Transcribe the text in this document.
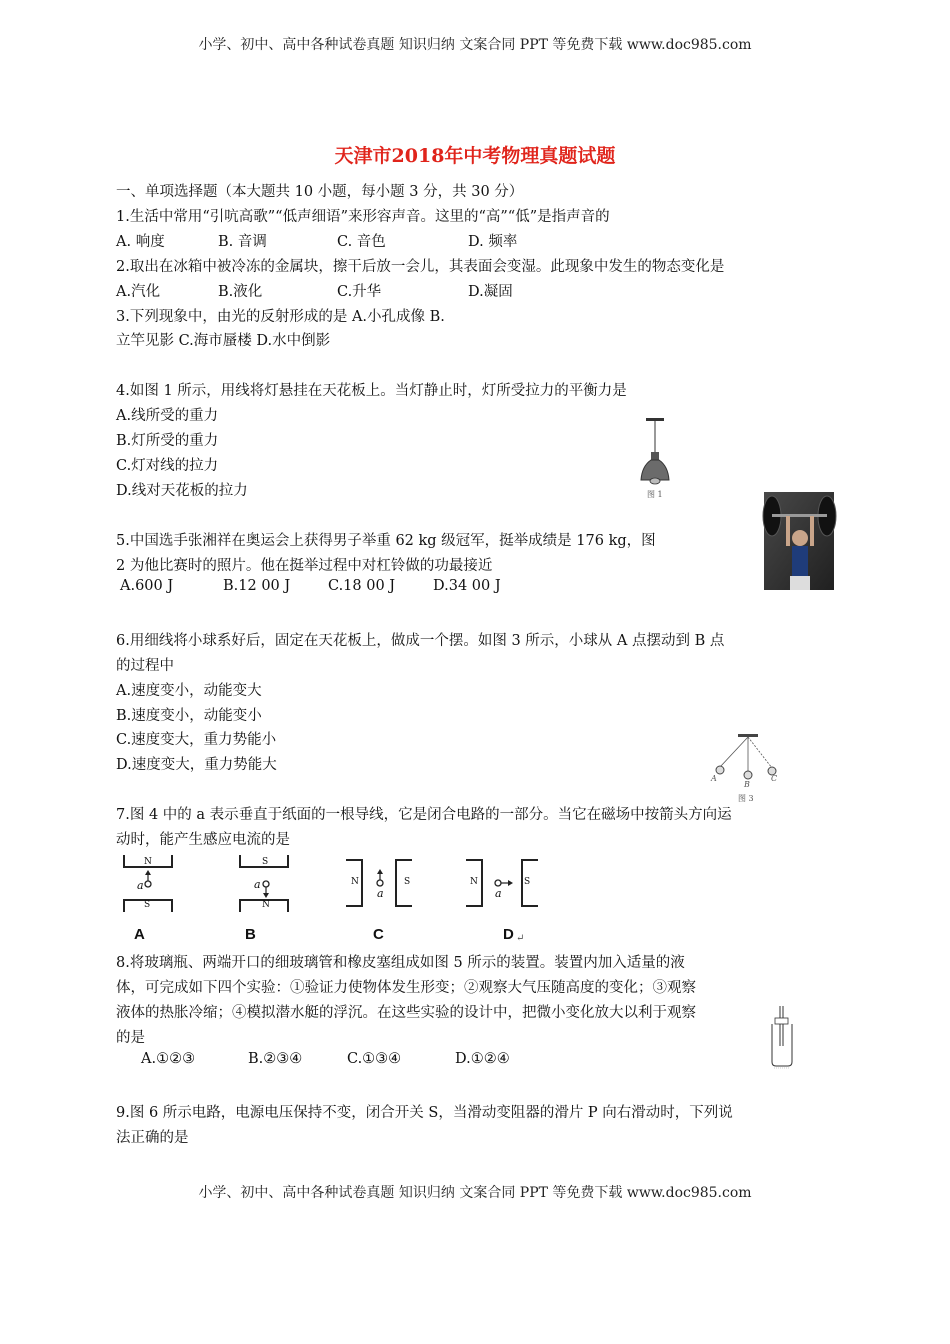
小学、初中、高中各种试卷真题 知识归纳 文案合同 PPT 等免费下载 www.doc985.com
小学、初中、高中各种试卷真题 知识归纳 文案合同 PPT 等免费下载 www.doc985.com
天津市2018年中考物理真题试题
一、单项选择题（本大题共 10 小题，每小题 3 分，共 30 分）
1.生活中常用“引吭高歌”“低声细语”来形容声音。这里的“高”“低”是指声音的
A. 响度	B. 音调	C. 音色	D. 频率
2.取出在冰箱中被冷冻的金属块，擦干后放一会儿，其表面会变湿。此现象中发生的物态变化是
A.汽化	B.液化	C.升华	D.凝固
3.下列现象中，由光的反射形成的是 A.小孔成像 B.
立竿见影 C.海市蜃楼 D.水中倒影
4.如图 1 所示，用线将灯悬挂在天花板上。当灯静止时，灯所受拉力的平衡力是
A.线所受的重力
B.灯所受的重力
C.灯对线的拉力
D.线对天花板的拉力	图 1
5.中国选手张湘祥在奥运会上获得男子举重 62 kg 级冠军，挺举成绩是 176 kg，图
2 为他比赛时的照片。他在挺举过程中对杠铃做的功最接近
A.600 J	B.12 00 J	C.18 00 J	D.34 00 J
6.用细线将小球系好后，固定在天花板上，做成一个摆。如图 3 所示，小球从 A 点摆动到 B 点
的过程中
A.速度变小，动能变大
B.速度变小，动能变小
C.速度变大，重力势能小
D.速度变大，重力势能大
A
B
C
图 3
7.图 4 中的 a 表示垂直于纸面的一根导线，它是闭合电路的一部分。当它在磁场中按箭头方向运
动时，能产生感应电流的是
N
S
a
A
S
N
a
B
N	S
a
C
N	S
a
D ↵
8.将玻璃瓶、两端开口的细玻璃管和橡皮塞组成如图 5 所示的装置。装置内加入适量的液
体，可完成如下四个实验：①验证力使物体发生形变；②观察大气压随高度的变化；③观察
液体的热胀冷缩；④模拟潜水艇的浮沉。在这些实验的设计中，把微小变化放大以利于观察
的是
A.①②③	B.②③④	C.①③④	D.①②④
9.图 6 所示电路，电源电压保持不变，闭合开关 S，当滑动变阻器的滑片 P 向右滑动时，下列说
法正确的是
